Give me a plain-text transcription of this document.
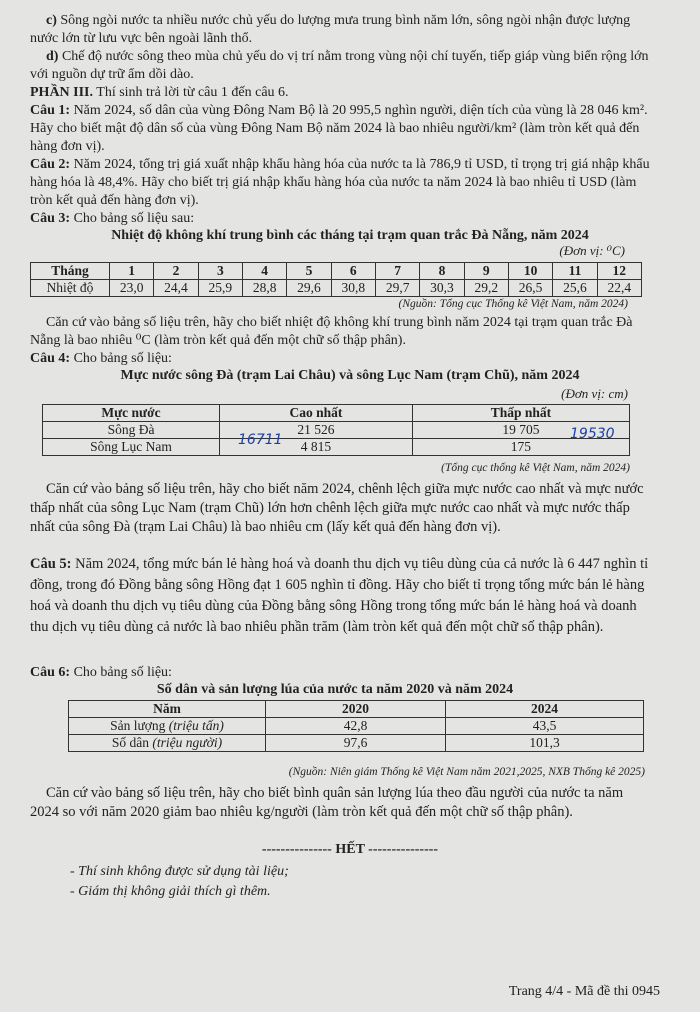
c) Sông ngòi nước ta nhiều nước chủ yếu do lượng mưa trung bình năm lớn, sông ngòi nhận được lượng nước lớn từ lưu vực bên ngoài lãnh thổ.
d) Chế độ nước sông theo mùa chủ yếu do vị trí nằm trong vùng nội chí tuyến, tiếp giáp vùng biển rộng lớn với nguồn dự trữ ẩm dồi dào.
PHẦN III. Thí sinh trả lời từ câu 1 đến câu 6.
Câu 1: Năm 2024, số dân của vùng Đông Nam Bộ là 20 995,5 nghìn người, diện tích của vùng là 28 046 km². Hãy cho biết mật độ dân số của vùng Đông Nam Bộ năm 2024 là bao nhiêu người/km² (làm tròn kết quả đến hàng đơn vị).
Câu 2: Năm 2024, tổng trị giá xuất nhập khẩu hàng hóa của nước ta là 786,9 tỉ USD, tỉ trọng trị giá nhập khẩu hàng hóa là 48,4%. Hãy cho biết trị giá nhập khẩu hàng hóa của nước ta năm 2024 là bao nhiêu tỉ USD (làm tròn kết quả đến hàng đơn vị).
Câu 3: Cho bảng số liệu sau:
Nhiệt độ không khí trung bình các tháng tại trạm quan trắc Đà Nẵng, năm 2024
(Đơn vị: ⁰C)
Tháng	1	2	3	4	5	6	7	8	9	10	11	12
Nhiệt độ	23,0	24,4	25,9	28,8	29,6	30,8	29,7	30,3	29,2	26,5	25,6	22,4
(Nguồn: Tổng cục Thống kê Việt Nam, năm 2024)
Căn cứ vào bảng số liệu trên, hãy cho biết nhiệt độ không khí trung bình năm 2024 tại trạm quan trắc Đà Nẵng là bao nhiêu ⁰C (làm tròn kết quả đến một chữ số thập phân).
Câu 4: Cho bảng số liệu:
Mực nước sông Đà (trạm Lai Châu) và sông Lục Nam (trạm Chũ), năm 2024
(Đơn vị: cm)
Mực nước	Cao nhất	Thấp nhất
Sông Đà	21 526	19 705
Sông Lục Nam	4 815	175
16711	19530
(Tổng cục thống kê Việt Nam, năm 2024)
Căn cứ vào bảng số liệu trên, hãy cho biết năm 2024, chênh lệch giữa mực nước cao nhất và mực nước thấp nhất của sông Lục Nam (trạm Chũ) lớn hơn chênh lệch giữa mực nước cao nhất và mực nước thấp nhất của sông Đà (trạm Lai Châu) là bao nhiêu cm (lấy kết quả đến hàng đơn vị).
Câu 5: Năm 2024, tổng mức bán lẻ hàng hoá và doanh thu dịch vụ tiêu dùng của cả nước là 6 447 nghìn tỉ đồng, trong đó Đồng bằng sông Hồng đạt 1 605 nghìn tỉ đồng. Hãy cho biết tỉ trọng tổng mức bán lẻ hàng hoá và doanh thu dịch vụ tiêu dùng của Đồng bằng sông Hồng trong tổng mức bán lẻ hàng hoá và doanh thu dịch vụ tiêu dùng cả nước là bao nhiêu phần trăm (làm tròn kết quả đến một chữ số thập phân).
Câu 6: Cho bảng số liệu:
Số dân và sản lượng lúa của nước ta năm 2020 và năm 2024
Năm	2020	2024
Sản lượng (triệu tấn)	42,8	43,5
Số dân (triệu người)	97,6	101,3
(Nguồn: Niên giám Thống kê Việt Nam năm 2021,2025, NXB Thống kê 2025)
Căn cứ vào bảng số liệu trên, hãy cho biết bình quân sản lượng lúa theo đầu người của nước ta năm 2024 so với năm 2020 giảm bao nhiêu kg/người (làm tròn kết quả đến một chữ số thập phân).
--------------- HẾT ---------------
- Thí sinh không được sử dụng tài liệu;
- Giám thị không giải thích gì thêm.
Trang 4/4 - Mã đề thi 0945
